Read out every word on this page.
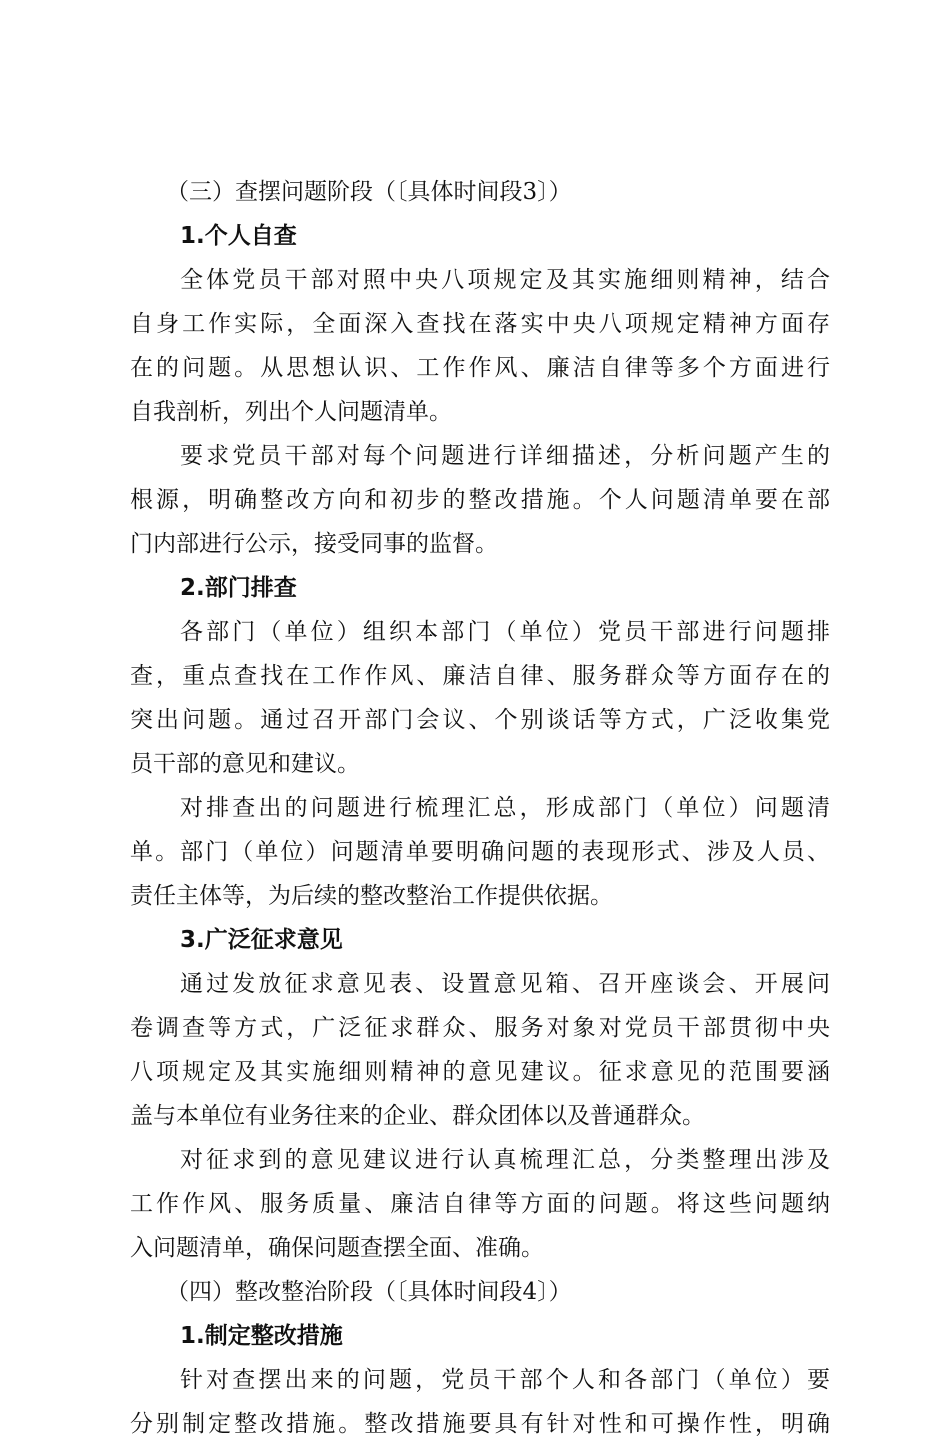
（三）查摆问题阶段（〔具体时间段3〕）
1.个人自查
全体党员干部对照中央八项规定及其实施细则精神，结合
自身工作实际，全面深入查找在落实中央八项规定精神方面存
在的问题。从思想认识、工作作风、廉洁自律等多个方面进行
自我剖析，列出个人问题清单。
要求党员干部对每个问题进行详细描述，分析问题产生的
根源，明确整改方向和初步的整改措施。个人问题清单要在部
门内部进行公示，接受同事的监督。
2.部门排查
各部门（单位）组织本部门（单位）党员干部进行问题排
查，重点查找在工作作风、廉洁自律、服务群众等方面存在的
突出问题。通过召开部门会议、个别谈话等方式，广泛收集党
员干部的意见和建议。
对排查出的问题进行梳理汇总，形成部门（单位）问题清
单。部门（单位）问题清单要明确问题的表现形式、涉及人员、
责任主体等，为后续的整改整治工作提供依据。
3.广泛征求意见
通过发放征求意见表、设置意见箱、召开座谈会、开展问
卷调查等方式，广泛征求群众、服务对象对党员干部贯彻中央
八项规定及其实施细则精神的意见建议。征求意见的范围要涵
盖与本单位有业务往来的企业、群众团体以及普通群众。
对征求到的意见建议进行认真梳理汇总，分类整理出涉及
工作作风、服务质量、廉洁自律等方面的问题。将这些问题纳
入问题清单，确保问题查摆全面、准确。
（四）整改整治阶段（〔具体时间段4〕）
1.制定整改措施
针对查摆出来的问题，党员干部个人和各部门（单位）要
分别制定整改措施。整改措施要具有针对性和可操作性，明确
